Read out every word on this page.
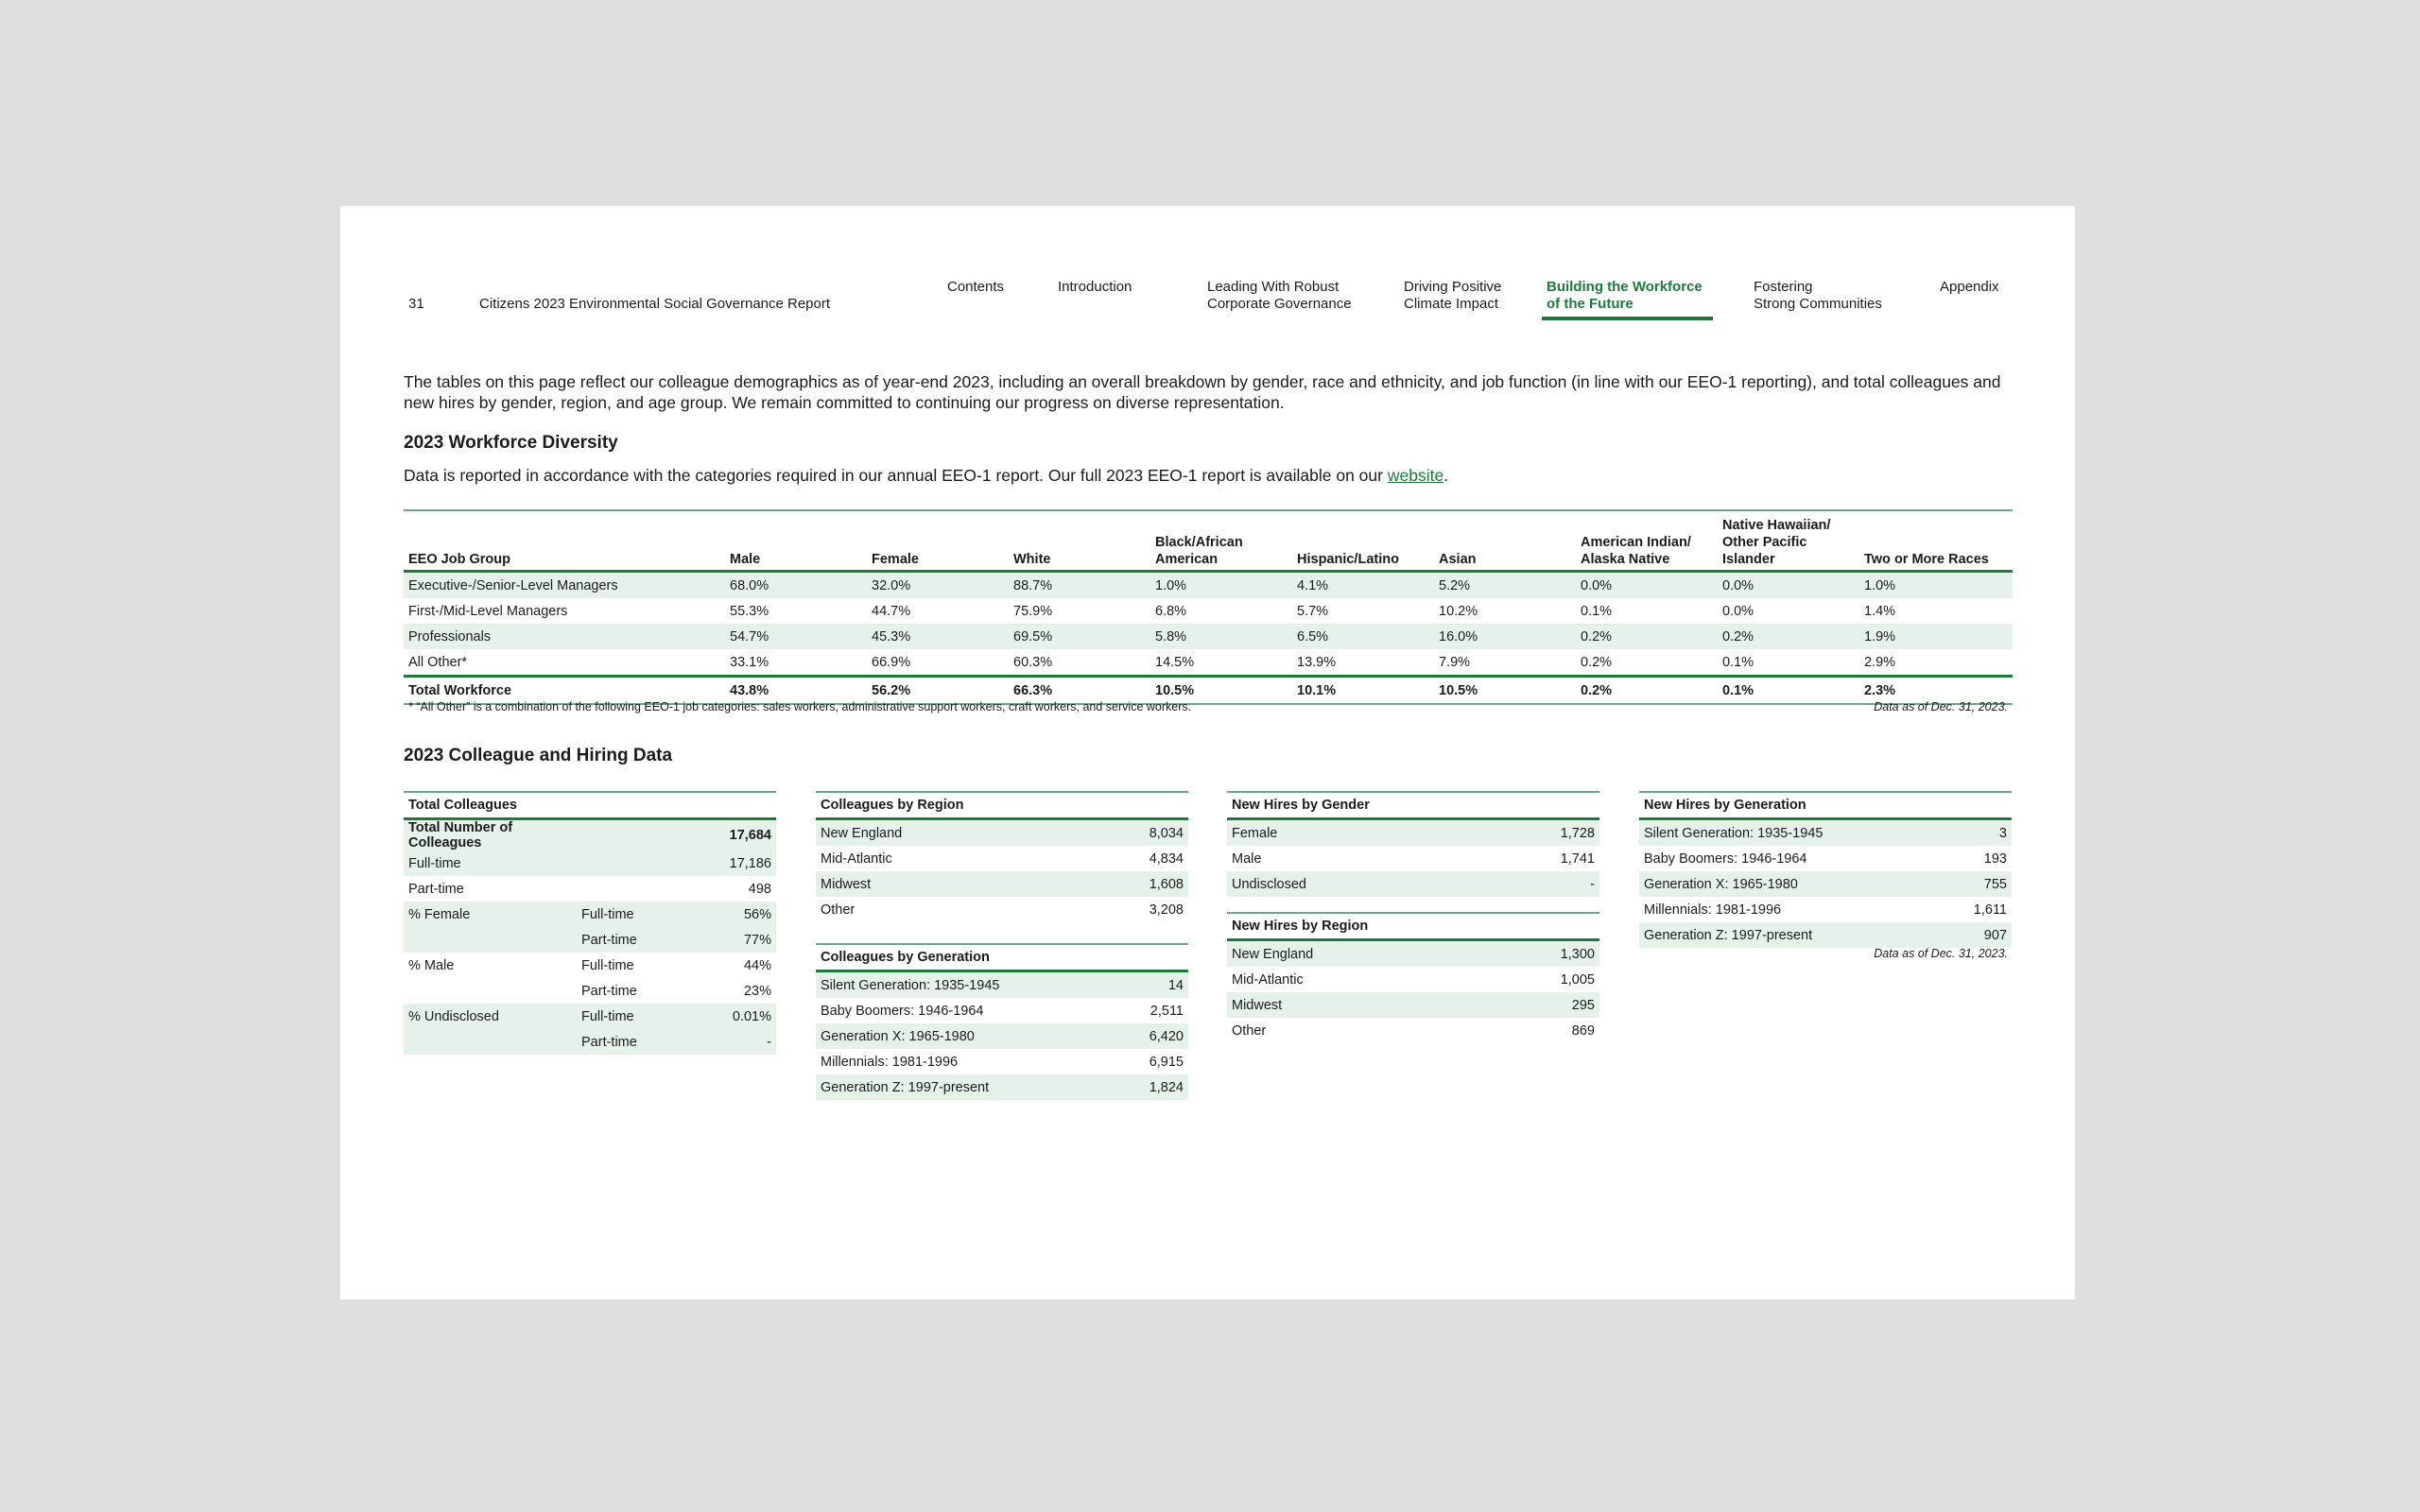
31	Citizens 2023 Environmental Social Governance Report
Contents	Introduction	Leading With Robust
Corporate Governance
Driving Positive
Climate Impact
Building the Workforce
of the Future
Fostering
Strong Communities
Appendix
The tables on this page reflect our colleague demographics as of year-end 2023, including an overall breakdown by gender, race and ethnicity, and job function (in line with our EEO-1 reporting), and total colleagues and new hires by gender, region, and age group. We remain committed to continuing our progress on diverse representation.
2023 Workforce Diversity
Data is reported in accordance with the categories required in our annual EEO-1 report. Our full 2023 EEO-1 report is available on our website.
EEO Job Group	Male	Female	White	Black/African American	Hispanic/Latino	Asian	American Indian/ Alaska Native	Native Hawaiian/ Other Pacific Islander	Two or More Races
Executive-/Senior-Level Managers	68.0%	32.0%	88.7%	1.0%	4.1%	5.2%	0.0%	0.0%	1.0%
First-/Mid-Level Managers	55.3%	44.7%	75.9%	6.8%	5.7%	10.2%	0.1%	0.0%	1.4%
Professionals	54.7%	45.3%	69.5%	5.8%	6.5%	16.0%	0.2%	0.2%	1.9%
All Other*	33.1%	66.9%	60.3%	14.5%	13.9%	7.9%	0.2%	0.1%	2.9%
Total Workforce	43.8%	56.2%	66.3%	10.5%	10.1%	10.5%	0.2%	0.1%	2.3%
* “All Other” is a combination of the following EEO-1 job categories: sales workers, administrative support workers, craft workers, and service workers.	Data as of Dec. 31, 2023.
2023 Colleague and Hiring Data
Total Colleagues
Total Number of Colleagues		17,684
Full-time		17,186
Part-time		498
% Female	Full-time	56%
	Part-time	77%
% Male	Full-time	44%
	Part-time	23%
% Undisclosed	Full-time	0.01%
	Part-time	-
Colleagues by Region
New England	8,034
Mid-Atlantic	4,834
Midwest	1,608
Other	3,208
Colleagues by Generation
Silent Generation: 1935-1945	14
Baby Boomers: 1946-1964	2,511
Generation X: 1965-1980	6,420
Millennials: 1981-1996	6,915
Generation Z: 1997-present	1,824
New Hires by Gender
Female	1,728
Male	1,741
Undisclosed	-
New Hires by Region
New England	1,300
Mid-Atlantic	1,005
Midwest	295
Other	869
New Hires by Generation
Silent Generation: 1935-1945	3
Baby Boomers: 1946-1964	193
Generation X: 1965-1980	755
Millennials: 1981-1996	1,611
Generation Z: 1997-present	907
Data as of Dec. 31, 2023.
